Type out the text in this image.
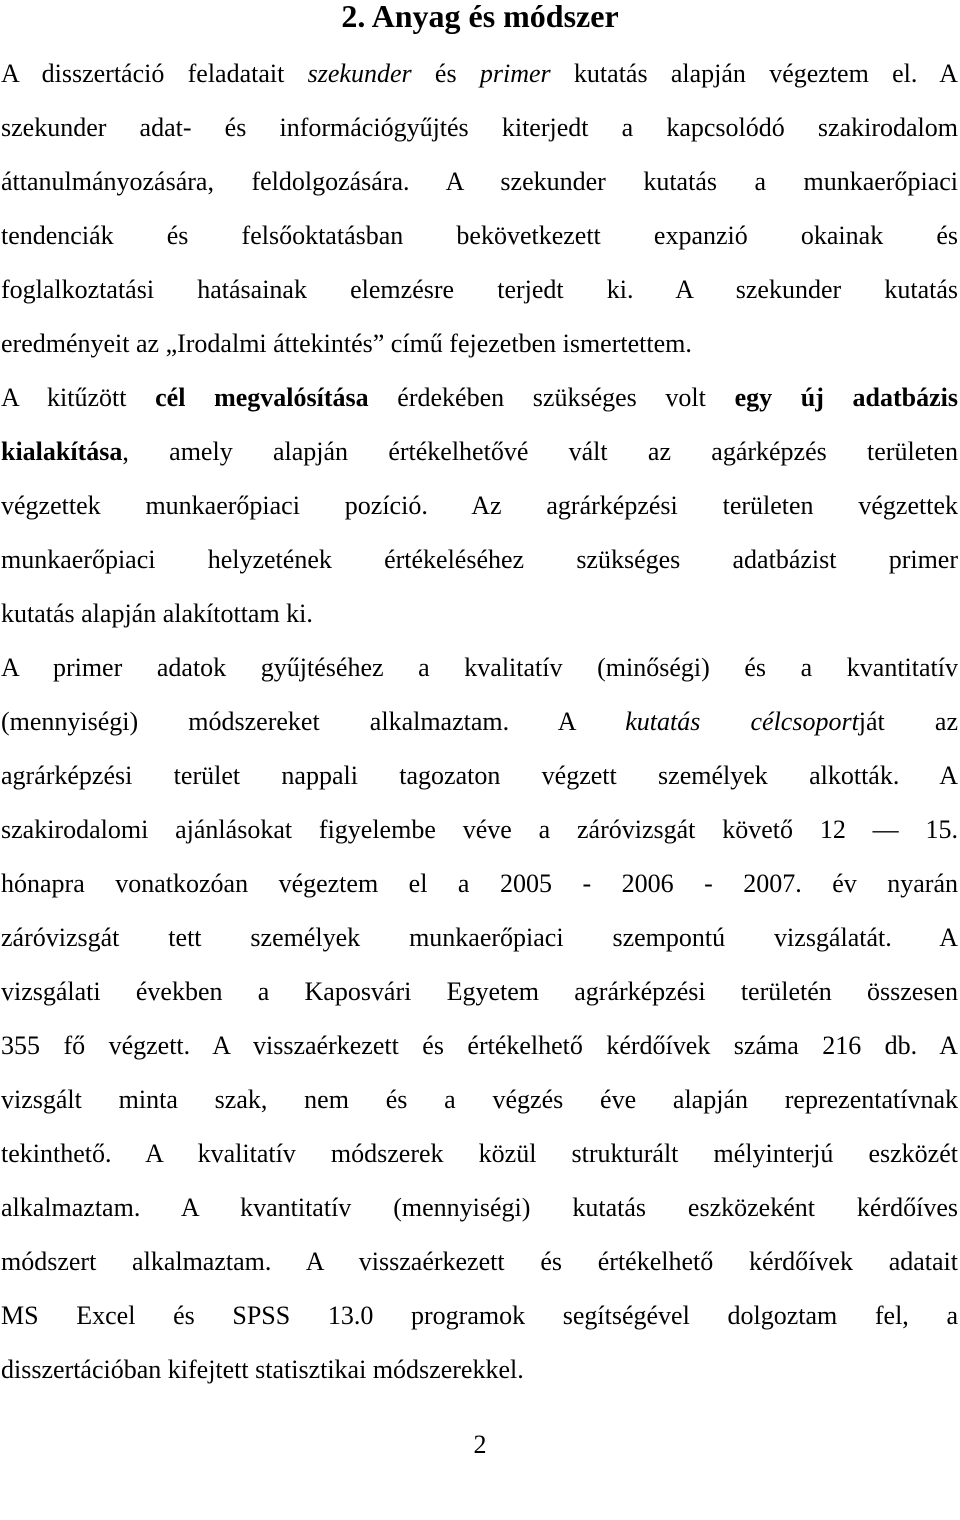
2. Anyag és módszer
A disszertáció feladatait szekunder és primer kutatás alapján végeztem el. A
szekunder adat- és információgyűjtés kiterjedt a kapcsolódó szakirodalom
áttanulmányozására, feldolgozására. A szekunder kutatás a munkaerőpiaci
tendenciák és felsőoktatásban bekövetkezett expanzió okainak és
foglalkoztatási hatásainak elemzésre terjedt ki. A szekunder kutatás
eredményeit az „Irodalmi áttekintés” című fejezetben ismertettem.
A kitűzött cél megvalósítása érdekében szükséges volt egy új adatbázis
kialakítása, amely alapján értékelhetővé vált az agárképzés területen
végzettek munkaerőpiaci pozíció. Az agrárképzési területen végzettek
munkaerőpiaci helyzetének értékeléséhez szükséges adatbázist primer
kutatás alapján alakítottam ki.
A primer adatok gyűjtéséhez a kvalitatív (minőségi) és a kvantitatív
(mennyiségi) módszereket alkalmaztam. A kutatás célcsoportját az
agrárképzési terület nappali tagozaton végzett személyek alkották. A
szakirodalomi ajánlásokat figyelembe véve a záróvizsgát követő 12 — 15.
hónapra vonatkozóan végeztem el a 2005 - 2006 - 2007. év nyarán
záróvizsgát tett személyek munkaerőpiaci szempontú vizsgálatát. A
vizsgálati években a Kaposvári Egyetem agrárképzési területén összesen
355 fő végzett. A visszaérkezett és értékelhető kérdőívek száma 216 db. A
vizsgált minta szak, nem és a végzés éve alapján reprezentatívnak
tekinthető. A kvalitatív módszerek közül strukturált mélyinterjú eszközét
alkalmaztam. A kvantitatív (mennyiségi) kutatás eszközeként kérdőíves
módszert alkalmaztam. A visszaérkezett és értékelhető kérdőívek adatait
MS Excel és SPSS 13.0 programok segítségével dolgoztam fel, a
disszertációban kifejtett statisztikai módszerekkel.
2
